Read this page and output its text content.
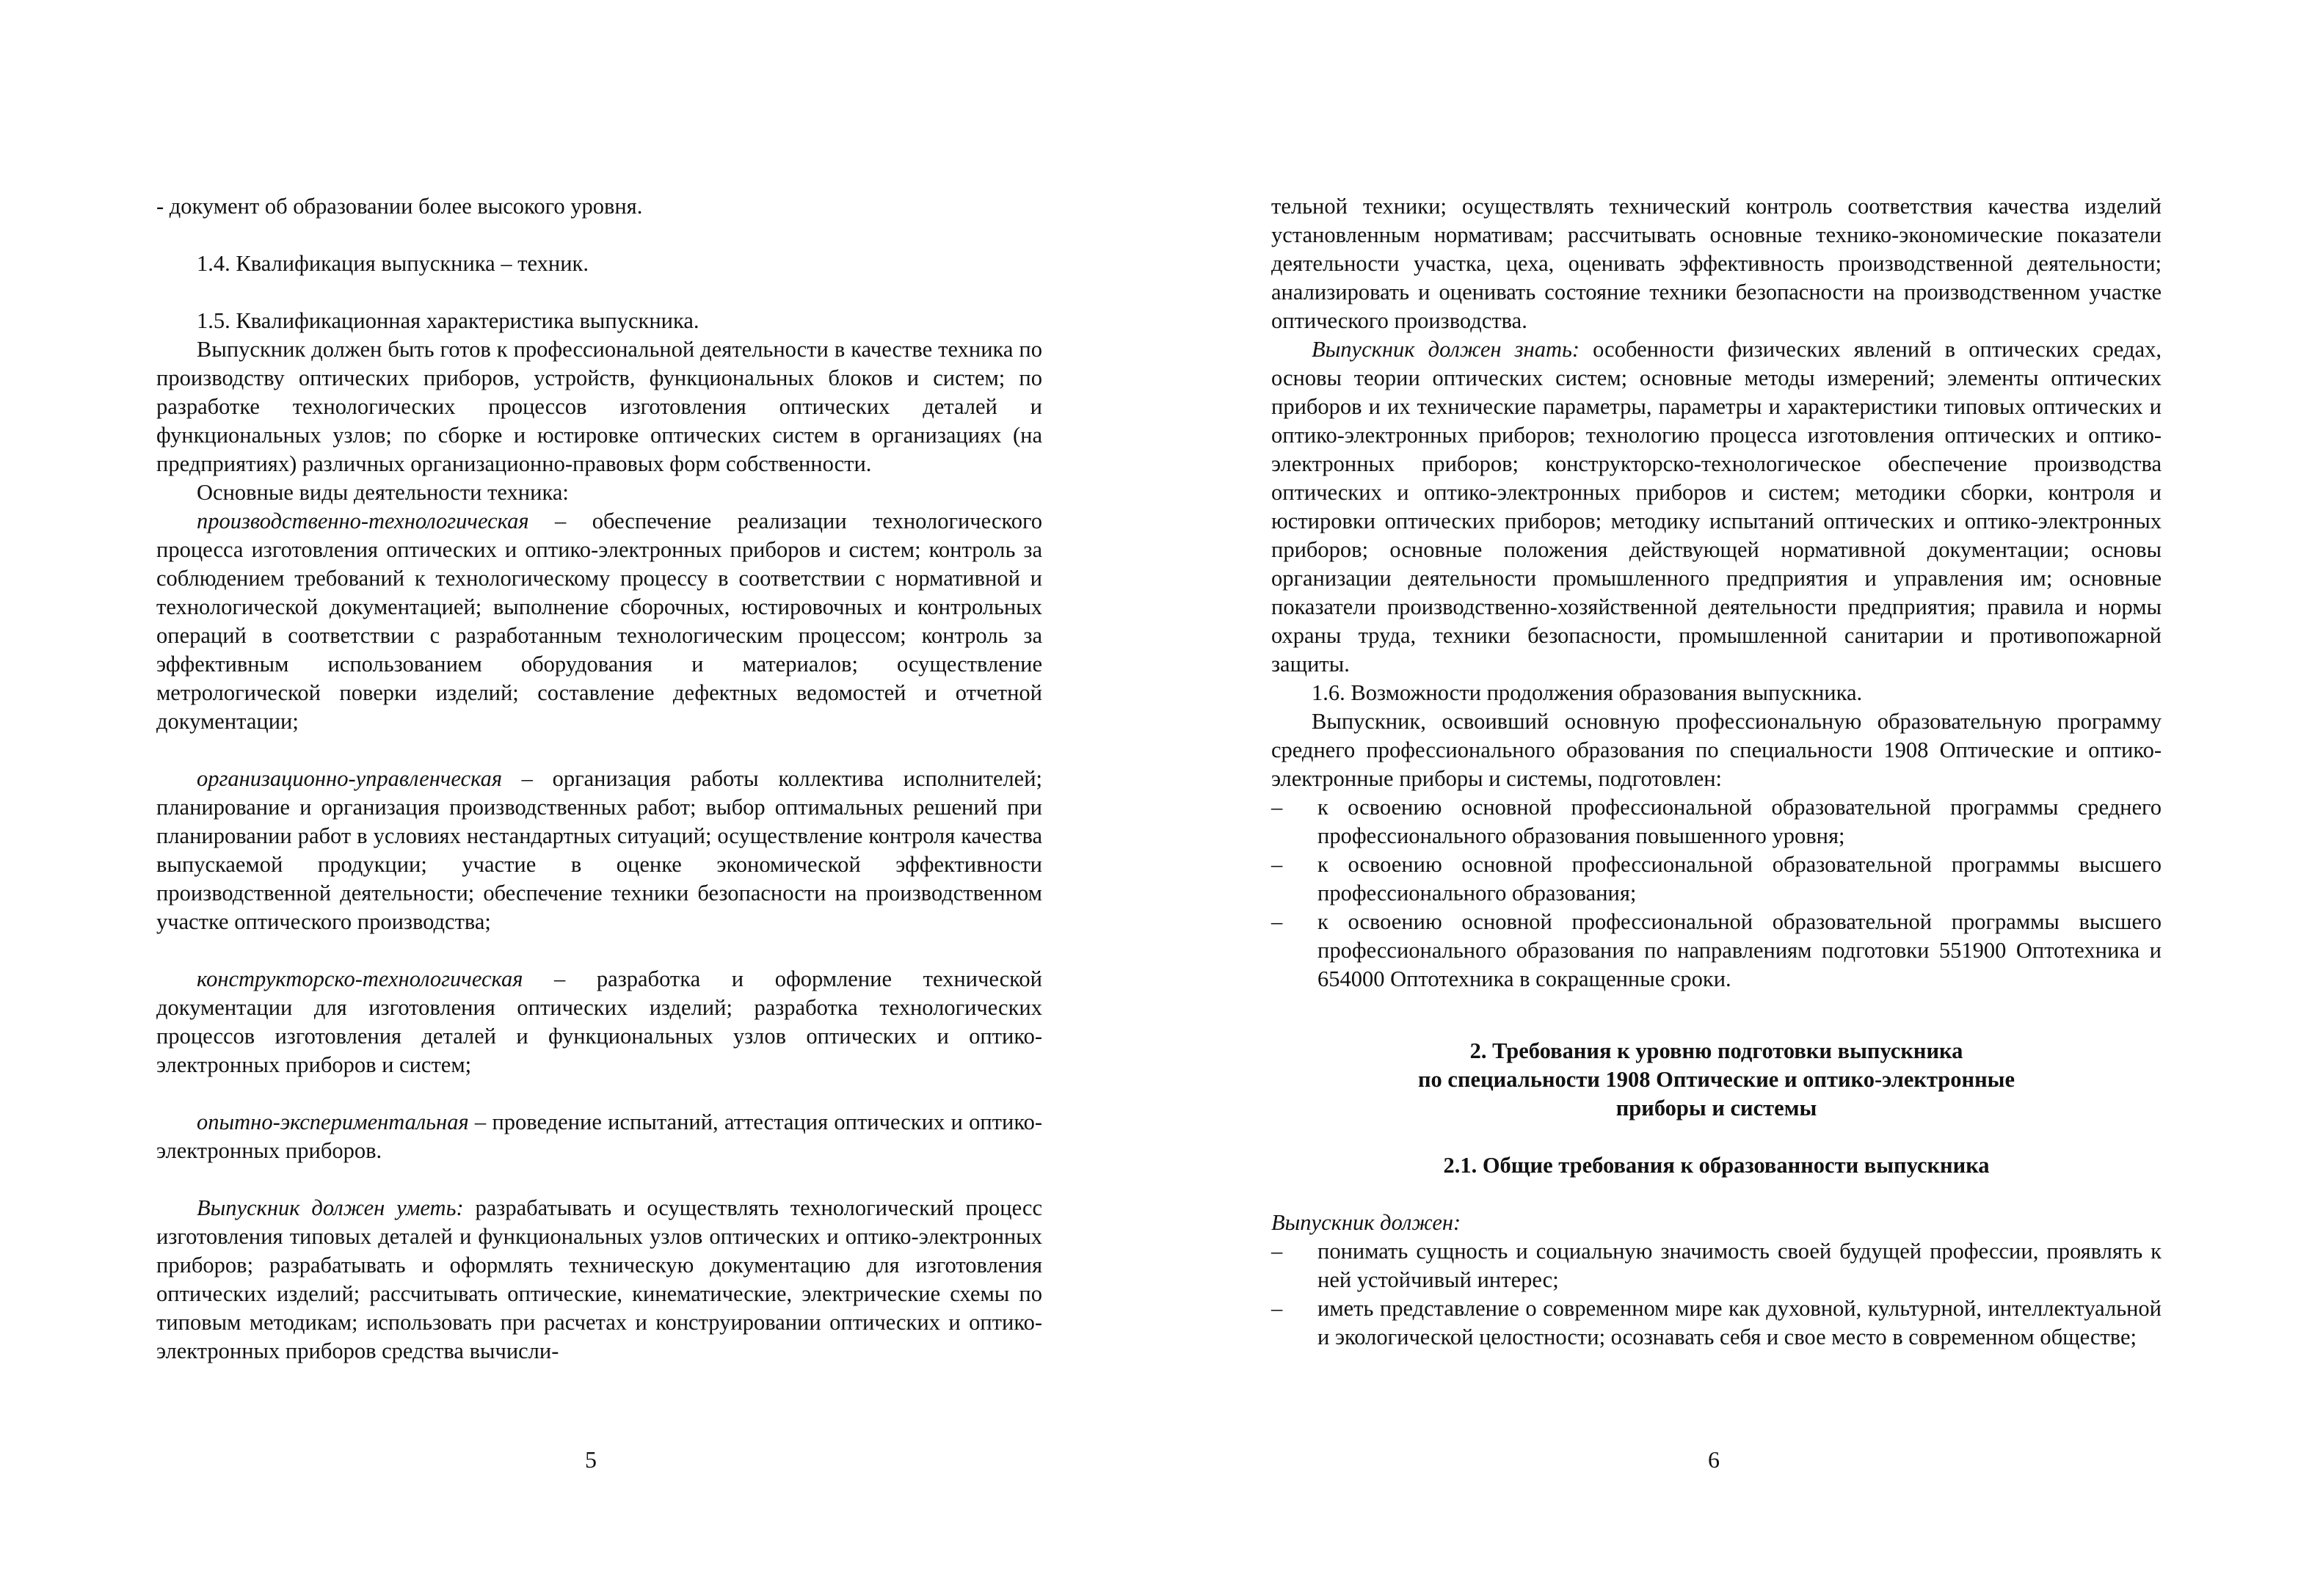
- документ об образовании более высокого уровня.

1.4. Квалификация выпускника – техник.

1.5. Квалификационная характеристика выпускника.

Выпускник должен быть готов к профессиональной деятельности в качестве техника по производству оптических приборов, устройств, функциональных блоков и систем; по разработке технологических процессов изготовления оптических деталей и функциональных узлов; по сборке и юстировке оптических систем в организациях (на предприятиях) различных организационно-правовых форм собственности.

Основные виды деятельности техника:

производственно-технологическая – обеспечение реализации технологического процесса изготовления оптических и оптико-электронных приборов и систем; контроль за соблюдением требований к технологическому процессу в соответствии с нормативной и технологической документацией; выполнение сборочных, юстировочных и контрольных операций в соответствии с разработанным технологическим процессом; контроль за эффективным использованием оборудования и материалов; осуществление метрологической поверки изделий; составление дефектных ведомостей и отчетной документации;

организационно-управленческая – организация работы коллектива исполнителей; планирование и организация производственных работ; выбор оптимальных решений при планировании работ в условиях нестандартных ситуаций; осуществление контроля качества выпускаемой продукции; участие в оценке экономической эффективности производственной деятельности; обеспечение техники безопасности на производственном участке оптического производства;

конструкторско-технологическая – разработка и оформление технической документации для изготовления оптических изделий; разработка технологических процессов изготовления деталей и функциональных узлов оптических и оптико-электронных приборов и систем;

опытно-экспериментальная – проведение испытаний, аттестация оптических и оптико-электронных приборов.

Выпускник должен уметь: разрабатывать и осуществлять технологический процесс изготовления типовых деталей и функциональных узлов оптических и оптико-электронных приборов; разрабатывать и оформлять техническую документацию для изготовления оптических изделий; рассчитывать оптические, кинематические, электрические схемы по типовым методикам; использовать при расчетах и конструировании оптических и оптико-электронных приборов средства вычисли-

5

тельной техники; осуществлять технический контроль соответствия качества изделий установленным нормативам; рассчитывать основные технико-экономические показатели деятельности участка, цеха, оценивать эффективность производственной деятельности; анализировать и оценивать состояние техники безопасности на производственном участке оптического производства.

Выпускник должен знать: особенности физических явлений в оптических средах, основы теории оптических систем; основные методы измерений; элементы оптических приборов и их технические параметры, параметры и характеристики типовых оптических и оптико-электронных приборов; технологию процесса изготовления оптических и оптико-электронных приборов; конструкторско-технологическое обеспечение производства оптических и оптико-электронных приборов и систем; методики сборки, контроля и юстировки оптических приборов; методику испытаний оптических и оптико-электронных приборов; основные положения действующей нормативной документации; основы организации деятельности промышленного предприятия и управления им; основные показатели производственно-хозяйственной деятельности предприятия; правила и нормы охраны труда, техники безопасности, промышленной санитарии и противопожарной защиты.

1.6. Возможности продолжения образования выпускника.

Выпускник, освоивший основную профессиональную образовательную программу среднего профессионального образования по специальности 1908 Оптические и оптико-электронные приборы и системы, подготовлен:

– к освоению основной профессиональной образовательной программы среднего профессионального образования повышенного уровня;
– к освоению основной профессиональной образовательной программы высшего профессионального образования;
– к освоению основной профессиональной образовательной программы высшего профессионального образования по направлениям подготовки 551900 Оптотехника и 654000 Оптотехника в сокращенные сроки.

2. Требования к уровню подготовки выпускника

по специальности 1908 Оптические и оптико-электронные

приборы и системы

2.1. Общие требования к образованности выпускника

Выпускник должен:

– понимать сущность и социальную значимость своей будущей профессии, проявлять к ней устойчивый интерес;
– иметь представление о современном мире как духовной, культурной, интеллектуальной и экологической целостности; осознавать себя и свое место в современном обществе;
6
